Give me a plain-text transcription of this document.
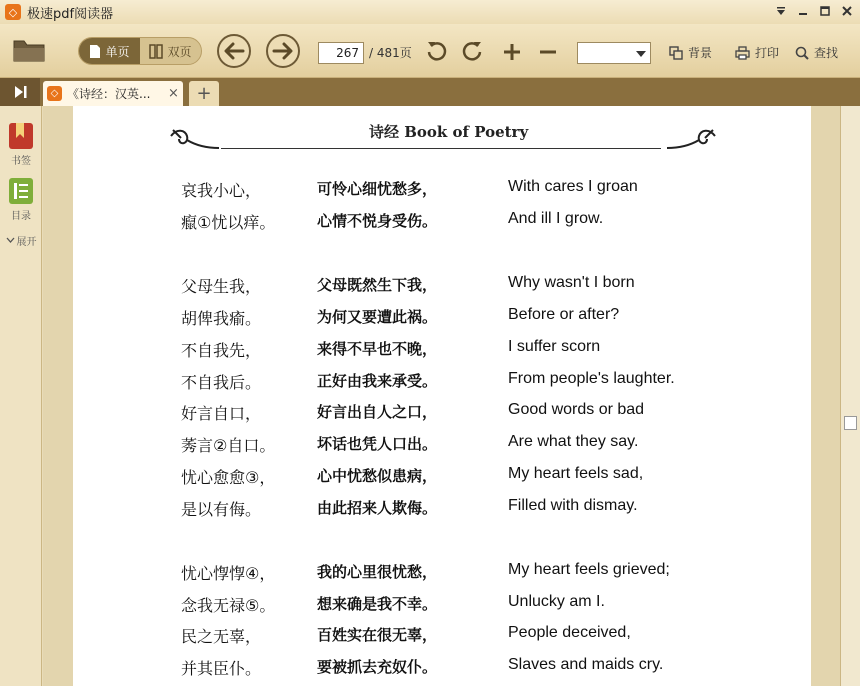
◇ 极速pdf阅读器
单页	双页
267	/ 481页	背景	打印	查找
◇ 《诗经：汉英...	× +
书签
目录
展开
诗经 Book of Poetry
哀我小心，	可怜心细忧愁多，	With cares I groan
癙①忧以痒。	心情不悦身受伤。	And ill I grow.
父母生我，	父母既然生下我，	Why wasn't I born
胡俾我瘉。	为何又要遭此祸。	Before or after?
不自我先，	来得不早也不晚，	I suffer scorn
不自我后。	正好由我来承受。	From people's laughter.
好言自口，	好言出自人之口，	Good words or bad
莠言②自口。	坏话也凭人口出。	Are what they say.
忧心愈愈③，	心中忧愁似患病，	My heart feels sad,
是以有侮。	由此招来人欺侮。	Filled with dismay.
忧心惸惸④，	我的心里很忧愁，	My heart feels grieved;
念我无禄⑤。	想来确是我不幸。	Unlucky am I.
民之无辜，	百姓实在很无辜，	People deceived,
并其臣仆。	要被抓去充奴仆。	Slaves and maids cry.
